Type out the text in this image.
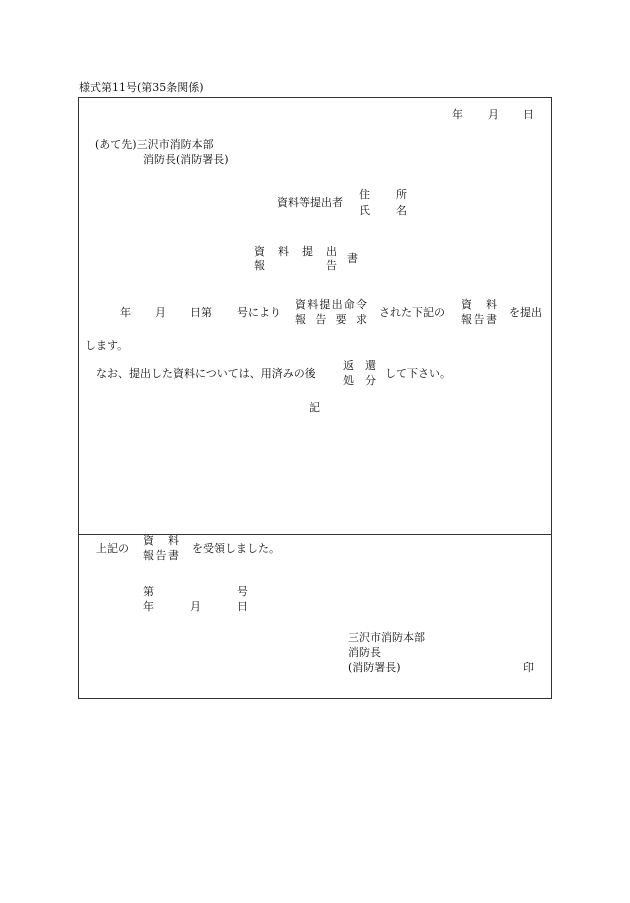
様式第11号(第35条関係)
年 月 日
(あて先)三沢市消防本部
消防長(消防署長)
資料等提出者
住 所
氏 名
資 料 提 出
報	告
書
年 月 日第 号により
資 料 提 出 命 令
報 告 要 求
された下記の
資 料
報 告 書
を提出
します。
なお、提出した資料については、用済みの後
返 還
処 分
して下さい。
記
上記の
資 料
報 告 書
を受領しました。
第	号
年	月	日
三沢市消防本部
消防長
(消防署長)	印
